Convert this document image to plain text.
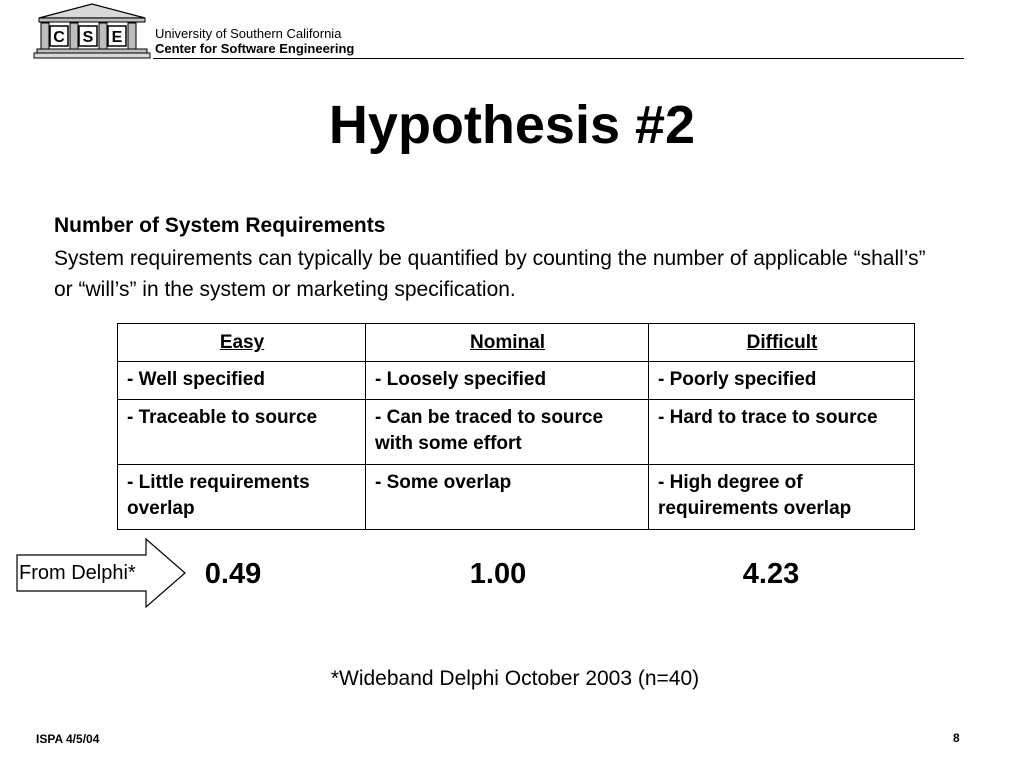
C S E	University of Southern California
Center for Software Engineering
Hypothesis #2
Number of System Requirements
System requirements can typically be quantified by counting the number of applicable “shall’s” or “will’s” in the system or marketing specification.
Easy	Nominal	Difficult
- Well specified	- Loosely specified	- Poorly specified
- Traceable to source	- Can be traced to source with some effort	- Hard to trace to source
- Little requirements overlap	- Some overlap	- High degree of requirements overlap
From Delphi*	0.49	1.00	4.23
*Wideband Delphi October 2003 (n=40)
ISPA 4/5/04	8
